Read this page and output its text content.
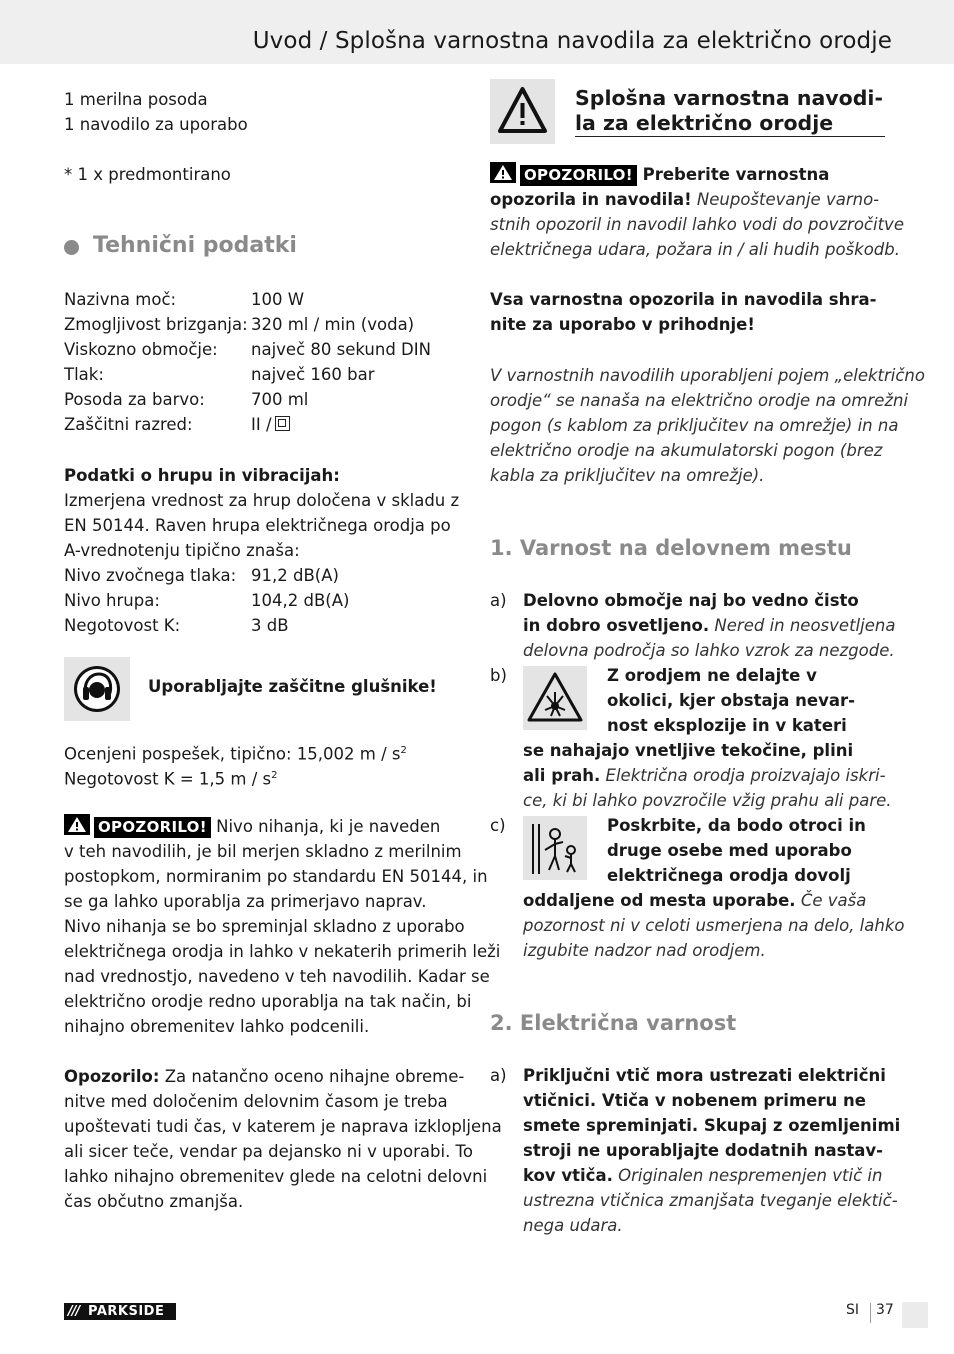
Uvod / Splošna varnostna navodila za električno orodje
1 merilna posoda
1 navodilo za uporabo
* 1 x predmontirano
Tehnični podatki
Nazivna moč:	100 W
Zmogljivost brizganja: 320 ml / min (voda)
Viskozno območje: največ 80 sekund DIN
Tlak:	največ 160 bar
Posoda za barvo:	700 ml
Zaščitni razred:	II /
Podatki o hrupu in vibracijah:
Izmerjena vrednost za hrup določena v skladu z
EN 50144. Raven hrupa električnega orodja po
A-vrednotenju tipično znaša:
Nivo zvočnega tlaka: 91,2 dB(A)
Nivo hrupa:	104,2 dB(A)
Negotovost K:	3 dB
Uporabljajte zaščitne glušnike!
Ocenjeni pospešek, tipično: 15,002 m / $s^2$
Negotovost K = 1,5 m / $s^2$
OPOZORILO! Nivo nihanja, ki je naveden
v teh navodilih, je bil merjen skladno z merilnim
postopkom, normiranim po standardu EN 50144, in
se ga lahko uporablja za primerjavo naprav.
Nivo nihanja se bo spreminjal skladno z uporabo
električnega orodja in lahko v nekaterih primerih leži
nad vrednostjo, navedeno v teh navodilih. Kadar se
električno orodje redno uporablja na tak način, bi
nihajno obremenitev lahko podcenili.
Opozorilo: Za natančno oceno nihajne obreme-
nitve med določenim delovnim časom je treba
upoštevati tudi čas, v katerem je naprava izklopljena
ali sicer teče, vendar pa dejansko ni v uporabi. To
lahko nihajno obremenitev glede na celotni delovni
čas občutno zmanjša.
Splošna varnostna navodi-
la za električno orodje
OPOZORILO! Preberite varnostna
opozorila in navodila! Neupoštevanje varno-
stnih opozoril in navodil lahko vodi do povzročitve
električnega udara, požara in / ali hudih poškodb.
Vsa varnostna opozorila in navodila shra-
nite za uporabo v prihodnje!
V varnostnih navodilih uporabljeni pojem „električno
orodje“ se nanaša na električno orodje na omrežni
pogon (s kablom za priključitev na omrežje) in na
električno orodje na akumulatorski pogon (brez
kabla za priključitev na omrežje).
1. Varnost na delovnem mestu
a) Delovno območje naj bo vedno čisto
in dobro osvetljeno. Nered in neosvetljena
delovna področja so lahko vzrok za nezgode.
b)	Z orodjem ne delajte v
okolici, kjer obstaja nevar-
nost eksplozije in v kateri
se nahajajo vnetljive tekočine, plini
ali prah. Električna orodja proizvajajo iskri-
ce, ki bi lahko povzročile vžig prahu ali pare.
c)	Poskrbite, da bodo otroci in
druge osebe med uporabo
električnega orodja dovolj
oddaljene od mesta uporabe. Če vaša
pozornost ni v celoti usmerjena na delo, lahko
izgubite nadzor nad orodjem.
2. Električna varnost
a) Priključni vtič mora ustrezati električni
vtičnici. Vtiča v nobenem primeru ne
smete spreminjati. Skupaj z ozemljenimi
stroji ne uporabljajte dodatnih nastav-
kov vtiča. Originalen nespremenjen vtič in
ustrezna vtičnica zmanjšata tveganje elektič-
nega udara.
/// PARKSIDE	SI 37
